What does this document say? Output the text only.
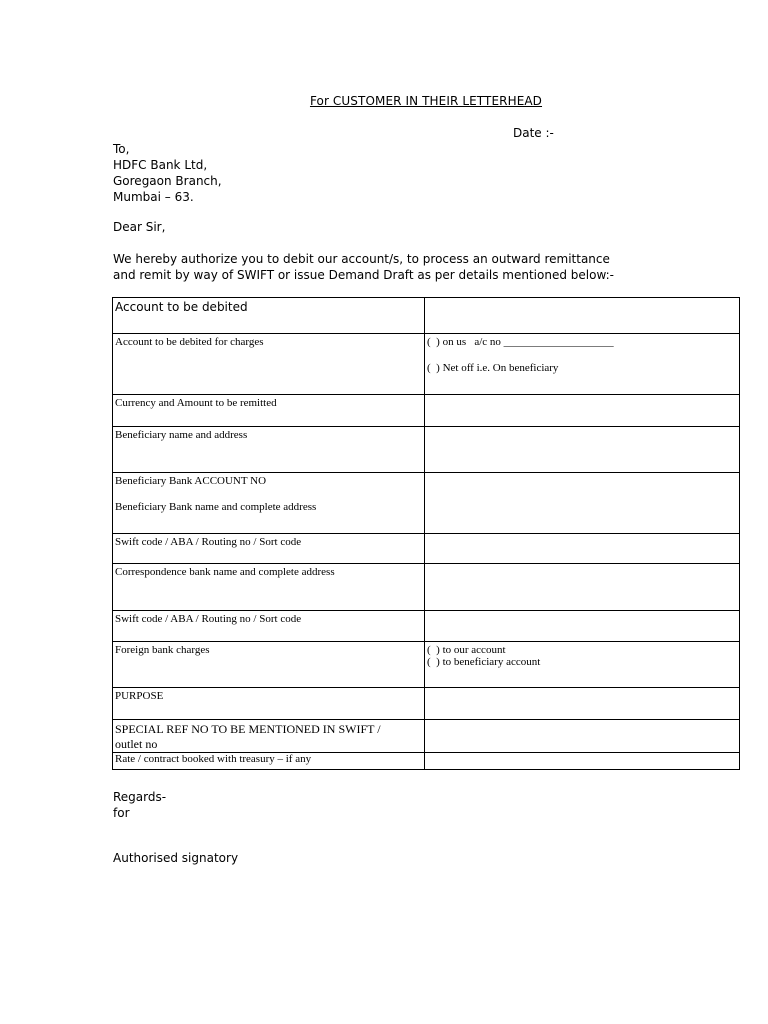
For CUSTOMER IN THEIR LETTERHEAD
Date :-
To,
HDFC Bank Ltd,
Goregaon Branch,
Mumbai – 63.
Dear Sir,
We hereby authorize you to debit our account/s, to process an outward remittance
and remit by way of SWIFT or issue Demand Draft as per details mentioned below:-
Account to be debited	
Account to be debited for charges	(  ) on us   a/c no ____________________
(  ) Net off i.e. On beneficiary

Currency and Amount to be remitted	
Beneficiary name and address	

Beneficiary Bank ACCOUNT NO
Beneficiary Bank name and complete address	

Swift code / ABA / Routing no / Sort code	
Correspondence bank name and complete address	
Swift code / ABA / Routing no / Sort code	
Foreign bank charges	(  ) to our account
(  ) to beneficiary account

PURPOSE	

SPECIAL REF NO TO BE MENTIONED IN SWIFT /
outlet no	

Rate / contract booked with treasury – if any	
Regards-
for
Authorised signatory
